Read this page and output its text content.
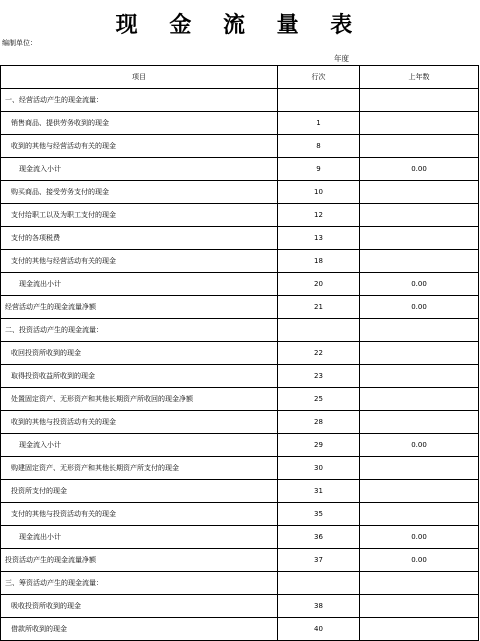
现 金 流 量 表
编制单位：
年度
项目	行次	上年数
一、经营活动产生的现金流量：		
销售商品、提供劳务收到的现金	1	
收到的其他与经营活动有关的现金	8	
现金流入小计	9	0.00
购买商品、接受劳务支付的现金	10	
支付给职工以及为职工支付的现金	12	
支付的各项税费	13	
支付的其他与经营活动有关的现金	18	
现金流出小计	20	0.00
经营活动产生的现金流量净额	21	0.00
二、投资活动产生的现金流量：		
收回投资所收到的现金	22	
取得投资收益所收到的现金	23	
处置固定资产、无形资产和其他长期资产所收回的现金净额	25	
收到的其他与投资活动有关的现金	28	
现金流入小计	29	0.00
购建固定资产、无形资产和其他长期资产所支付的现金	30	
投资所支付的现金	31	
支付的其他与投资活动有关的现金	35	
现金流出小计	36	0.00
投资活动产生的现金流量净额	37	0.00
三、筹资活动产生的现金流量：		
吸收投资所收到的现金	38	
借款所收到的现金	40	
